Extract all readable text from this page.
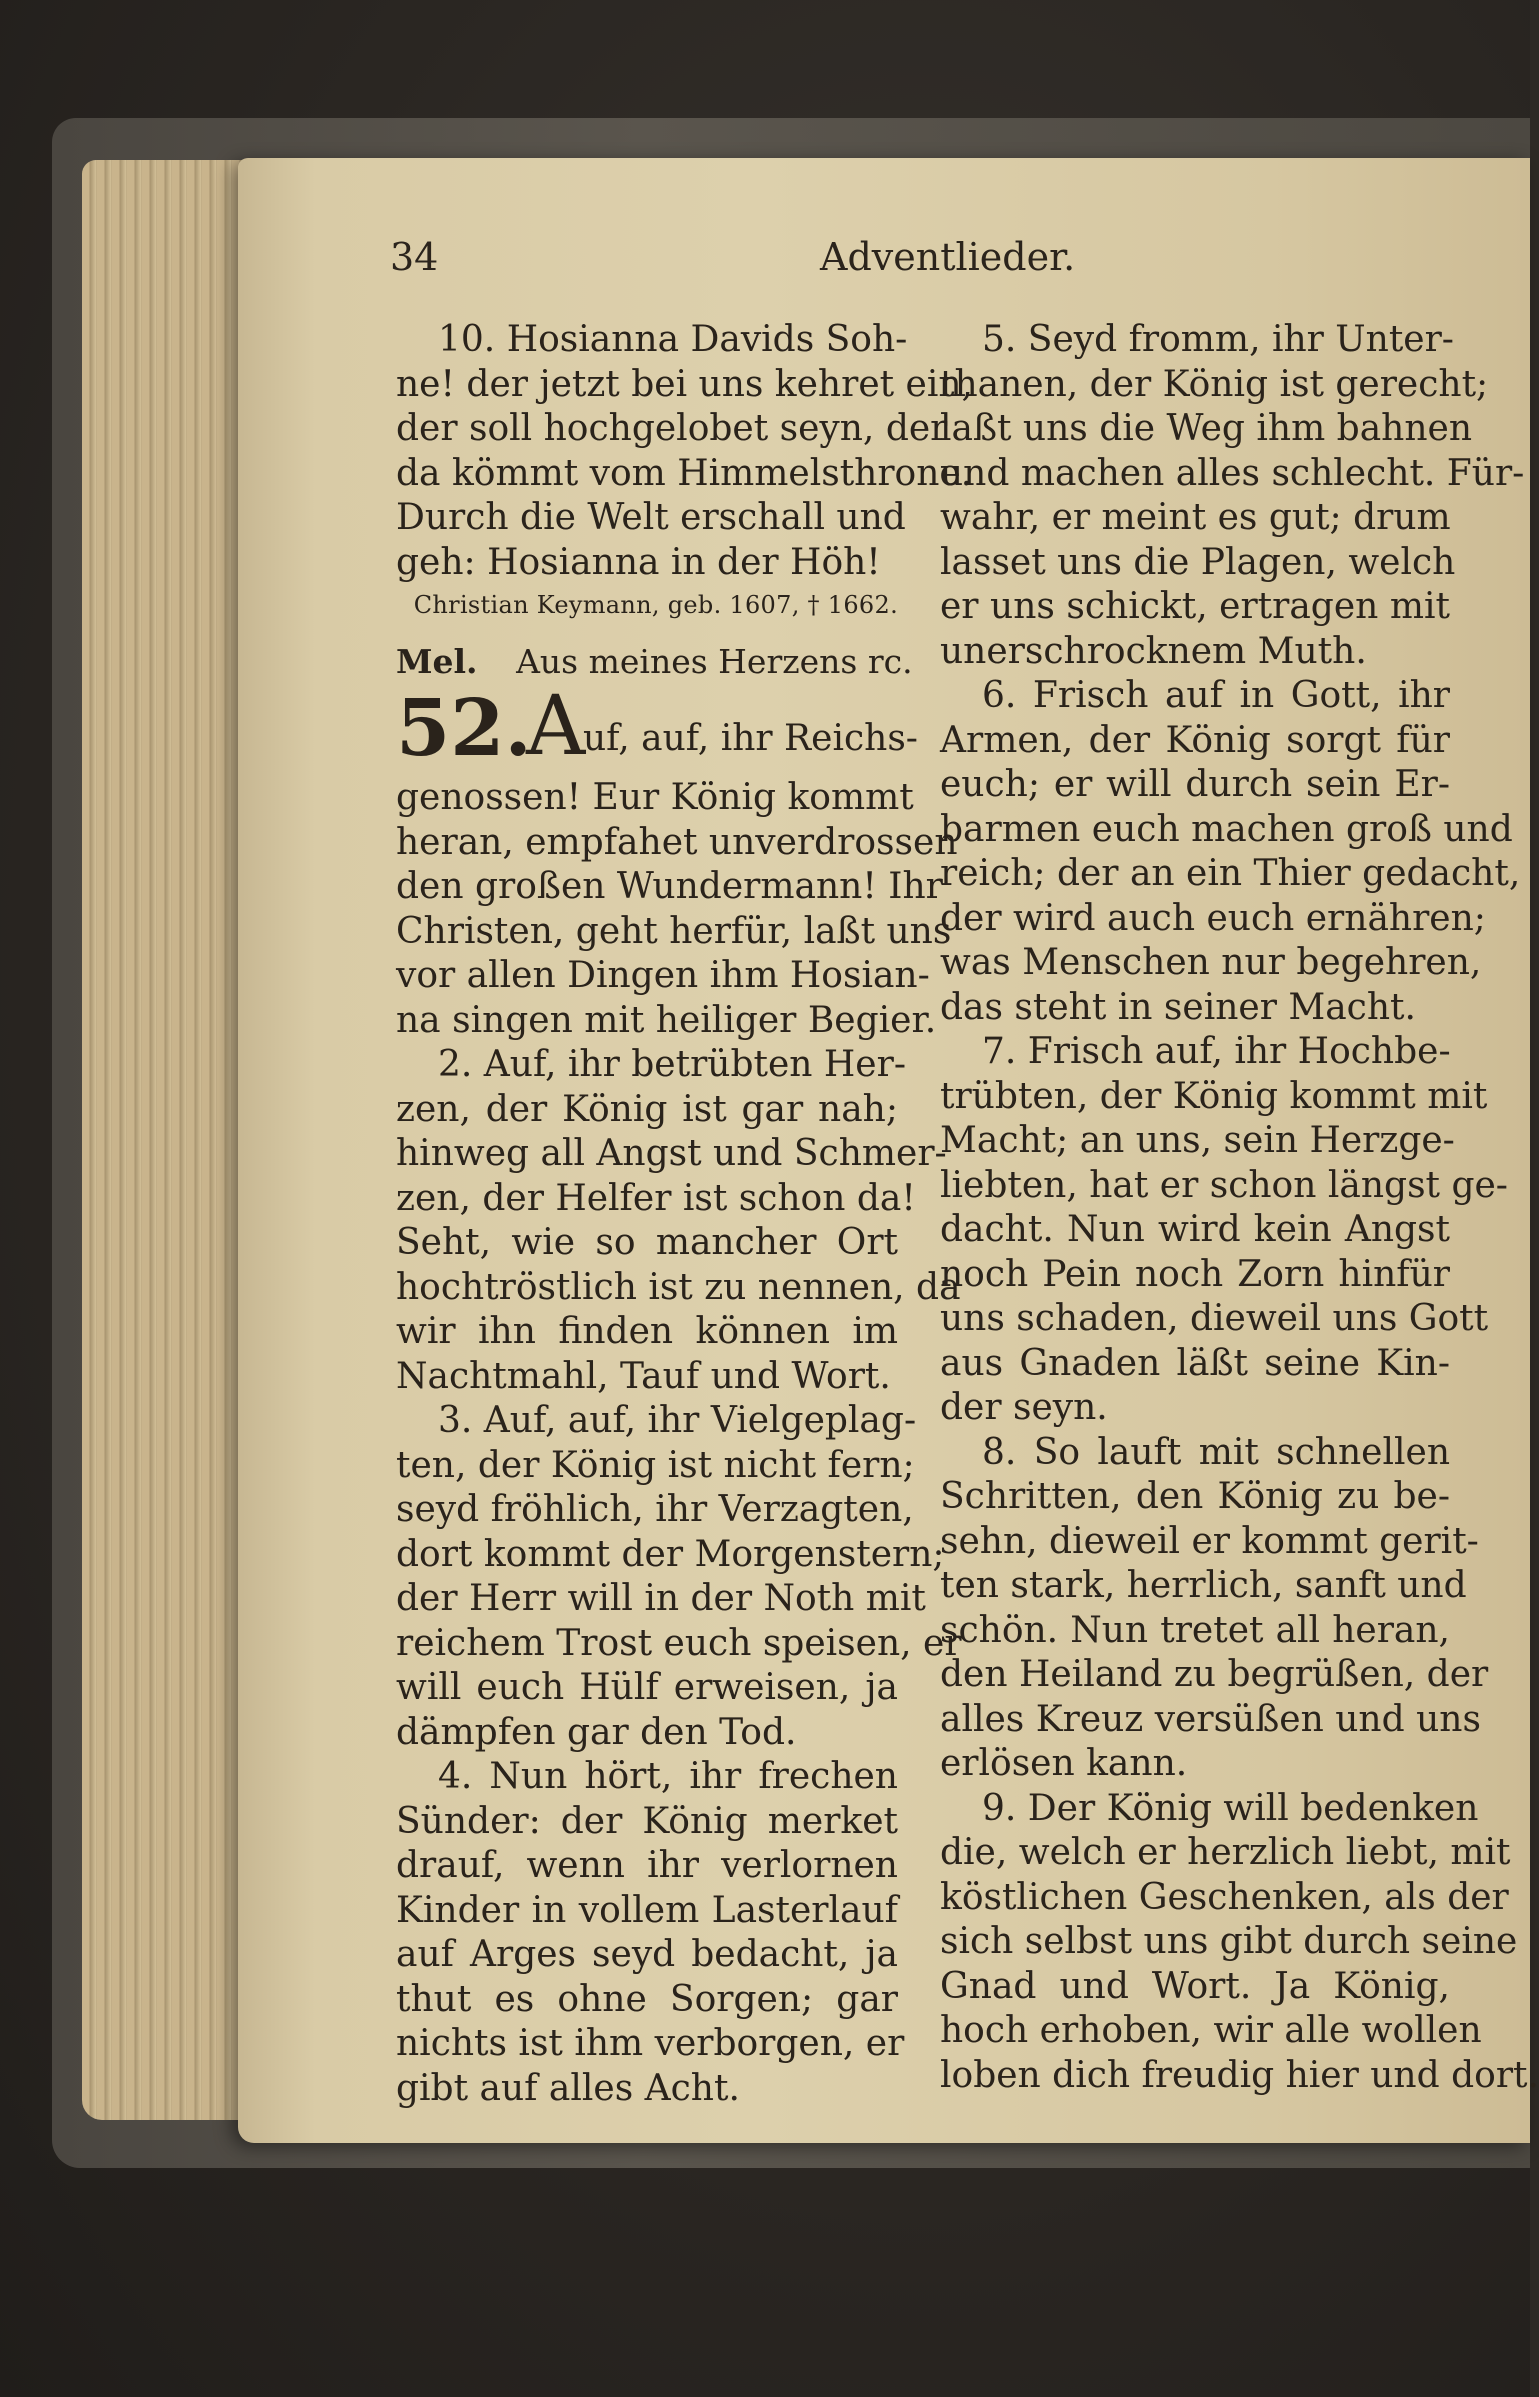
34	Adventlieder.
10. Hosianna Davids Soh-
ne! der jetzt bei uns kehret ein,
der soll hochgelobet seyn, der
da kömmt vom Himmelsthrone.
Durch die Welt erschall und
geh: Hosianna in der Höh!
Christian Keymann, geb. 1607, † 1662.
Mel. Aus meines Herzens rc.
52.
A
uf, auf, ihr Reichs-
genossen! Eur König kommt
heran, empfahet unverdrossen
den großen Wundermann! Ihr
Christen, geht herfür, laßt uns
vor allen Dingen ihm Hosian-
na singen mit heiliger Begier.
2. Auf, ihr betrübten Her-
zen, der König ist gar nah;
hinweg all Angst und Schmer-
zen, der Helfer ist schon da!
Seht, wie so mancher Ort
hochtröstlich ist zu nennen, da
wir ihn finden können im
Nachtmahl, Tauf und Wort.
3. Auf, auf, ihr Vielgeplag-
ten, der König ist nicht fern;
seyd fröhlich, ihr Verzagten,
dort kommt der Morgenstern;
der Herr will in der Noth mit
reichem Trost euch speisen, er
will euch Hülf erweisen, ja
dämpfen gar den Tod.
4. Nun hört, ihr frechen
Sünder: der König merket
drauf, wenn ihr verlornen
Kinder in vollem Lasterlauf
auf Arges seyd bedacht, ja
thut es ohne Sorgen; gar
nichts ist ihm verborgen, er
gibt auf alles Acht.
5. Seyd fromm, ihr Unter-
thanen, der König ist gerecht;
laßt uns die Weg ihm bahnen
und machen alles schlecht. Für-
wahr, er meint es gut; drum
lasset uns die Plagen, welch
er uns schickt, ertragen mit
unerschrocknem Muth.
6. Frisch auf in Gott, ihr
Armen, der König sorgt für
euch; er will durch sein Er-
barmen euch machen groß und
reich; der an ein Thier gedacht,
der wird auch euch ernähren;
was Menschen nur begehren,
das steht in seiner Macht.
7. Frisch auf, ihr Hochbe-
trübten, der König kommt mit
Macht; an uns, sein Herzge-
liebten, hat er schon längst ge-
dacht. Nun wird kein Angst
noch Pein noch Zorn hinfür
uns schaden, dieweil uns Gott
aus Gnaden läßt seine Kin-
der seyn.
8. So lauft mit schnellen
Schritten, den König zu be-
sehn, dieweil er kommt gerit-
ten stark, herrlich, sanft und
schön. Nun tretet all heran,
den Heiland zu begrüßen, der
alles Kreuz versüßen und uns
erlösen kann.
9. Der König will bedenken
die, welch er herzlich liebt, mit
köstlichen Geschenken, als der
sich selbst uns gibt durch seine
Gnad und Wort. Ja König,
hoch erhoben, wir alle wollen
loben dich freudig hier und dort.
